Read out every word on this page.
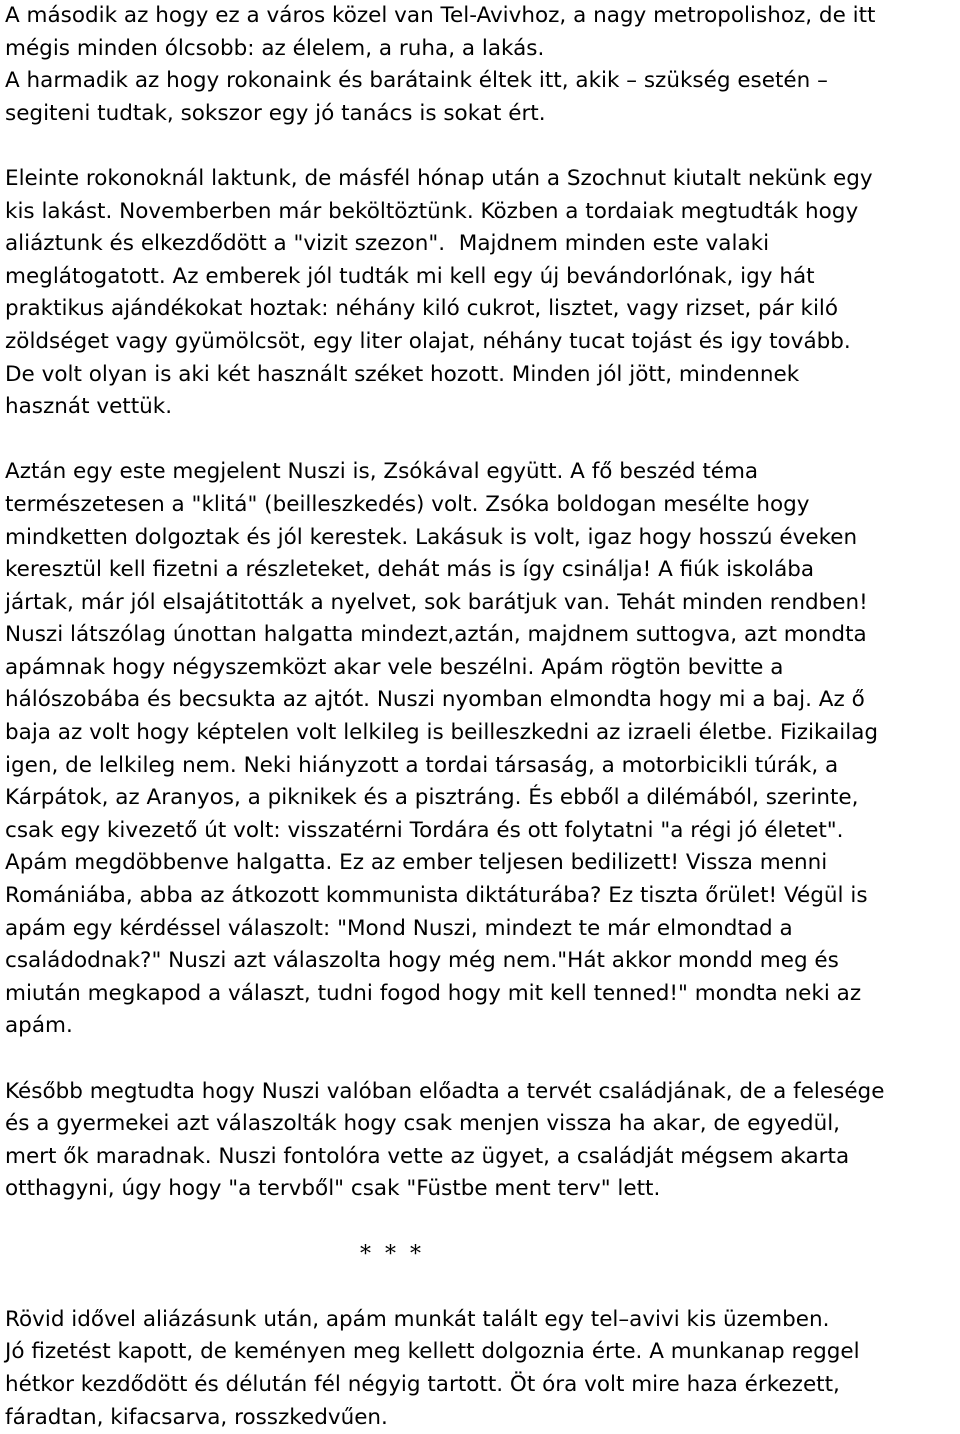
A második az hogy ez a város közel van Tel-Avivhoz, a nagy metropolishoz, de itt
mégis minden ólcsobb: az élelem, a ruha, a lakás.
A harmadik az hogy rokonaink és barátaink éltek itt, akik – szükség esetén –
segiteni tudtak, sokszor egy jó tanács is sokat ért.
Eleinte rokonoknál laktunk, de másfél hónap után a Szochnut kiutalt nekünk egy
kis lakást. Novemberben már beköltöztünk. Közben a tordaiak megtudták hogy
aliáztunk és elkezdődött a "vizit szezon".  Majdnem minden este valaki
meglátogatott. Az emberek jól tudták mi kell egy új bevándorlónak, igy hát
praktikus ajándékokat hoztak: néhány kiló cukrot, lisztet, vagy rizset, pár kiló
zöldséget vagy gyümölcsöt, egy liter olajat, néhány tucat tojást és igy tovább.
De volt olyan is aki két használt széket hozott. Minden jól jött, mindennek
hasznát vettük.
Aztán egy este megjelent Nuszi is, Zsókával együtt. A fő beszéd téma
természetesen a "klitá" (beilleszkedés) volt. Zsóka boldogan mesélte hogy
mindketten dolgoztak és jól kerestek. Lakásuk is volt, igaz hogy hosszú éveken
keresztül kell fizetni a részleteket, dehát más is így csinálja! A fiúk iskolába
jártak, már jól elsajátitották a nyelvet, sok barátjuk van. Tehát minden rendben!
Nuszi látszólag únottan halgatta mindezt,aztán, majdnem suttogva, azt mondta
apámnak hogy négyszemközt akar vele beszélni. Apám rögtön bevitte a
hálószobába és becsukta az ajtót. Nuszi nyomban elmondta hogy mi a baj. Az ő
baja az volt hogy képtelen volt lelkileg is beilleszkedni az izraeli életbe. Fizikailag
igen, de lelkileg nem. Neki hiányzott a tordai társaság, a motorbicikli túrák, a
Kárpátok, az Aranyos, a piknikek és a pisztráng. És ebből a dilémából, szerinte,
csak egy kivezető út volt: visszatérni Tordára és ott folytatni "a régi jó életet".
Apám megdöbbenve halgatta. Ez az ember teljesen bedilizett! Vissza menni
Romániába, abba az átkozott kommunista diktáturába? Ez tiszta őrület! Végül is
apám egy kérdéssel válaszolt: "Mond Nuszi, mindezt te már elmondtad a
családodnak?" Nuszi azt válaszolta hogy még nem."Hát akkor mondd meg és
miután megkapod a választ, tudni fogod hogy mit kell tenned!" mondta neki az
apám.
Később megtudta hogy Nuszi valóban előadta a tervét családjának, de a felesége
és a gyermekei azt válaszolták hogy csak menjen vissza ha akar, de egyedül,
mert ők maradnak. Nuszi fontolóra vette az ügyet, a családját mégsem akarta
otthagyni, úgy hogy "a tervből" csak "Füstbe ment terv" lett.
*  *  *
Rövid idővel aliázásunk után, apám munkát talált egy tel–avivi kis üzemben.
Jó fizetést kapott, de keményen meg kellett dolgoznia érte. A munkanap reggel
hétkor kezdődött és délután fél négyig tartott. Öt óra volt mire haza érkezett,
fáradtan, kifacsarva, rosszkedvűen.
